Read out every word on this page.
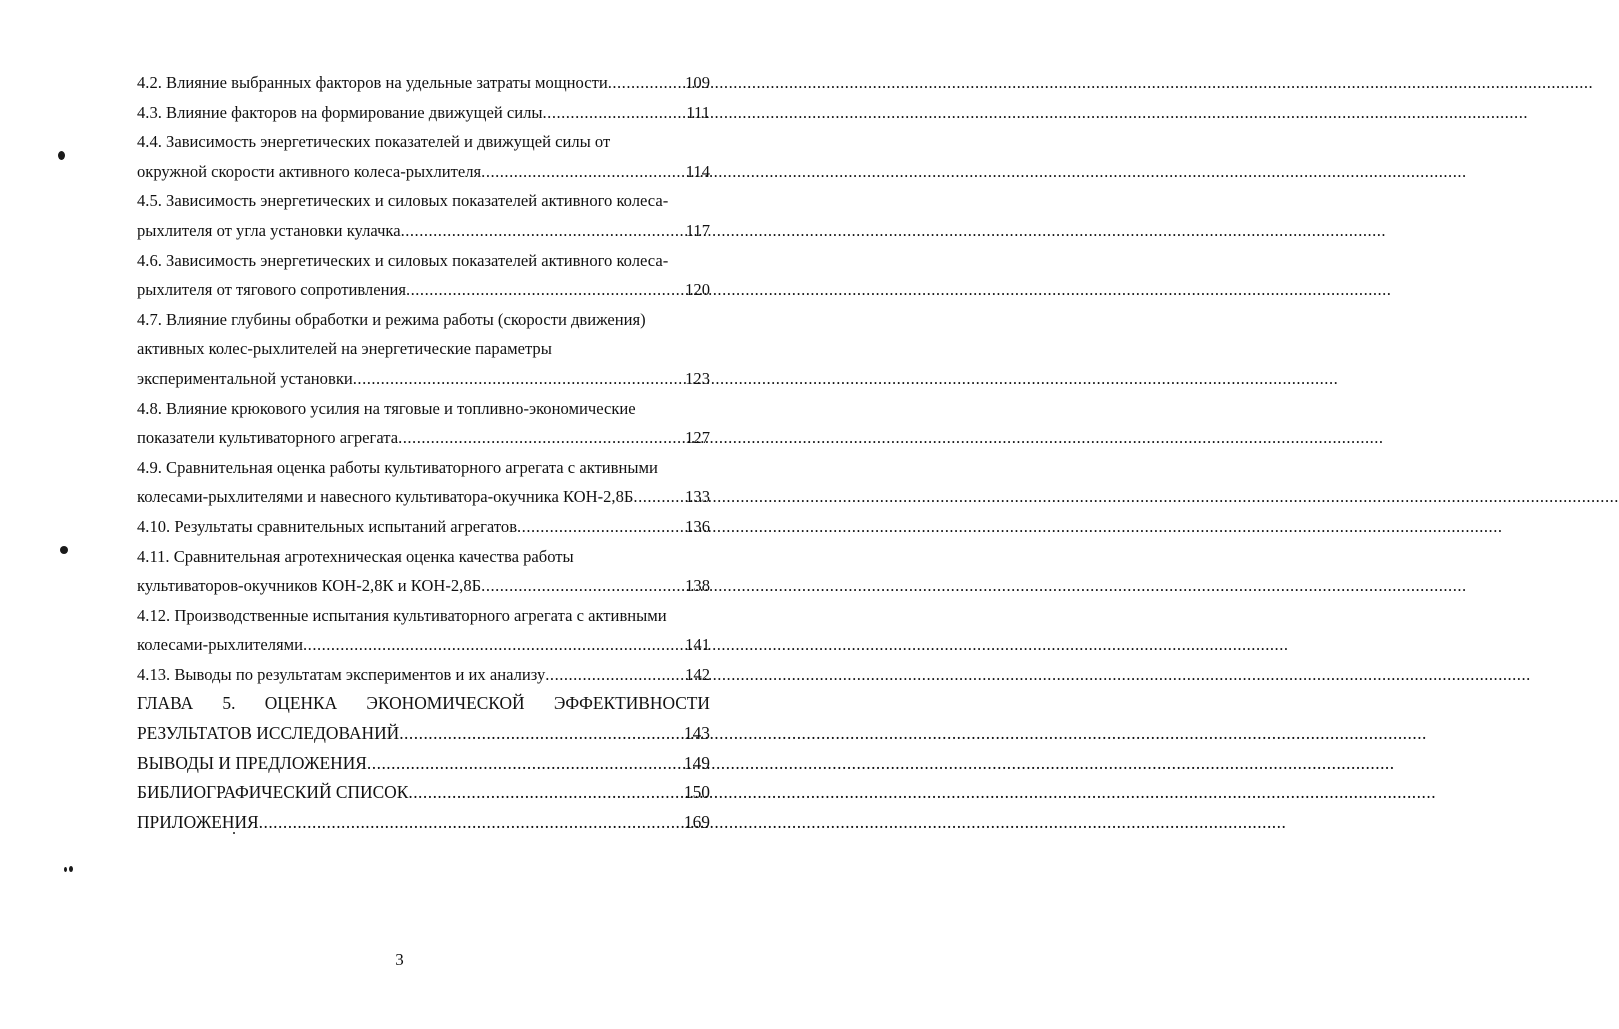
4.2. Влияние выбранных факторов на удельные затраты мощности .....	109
4.3. Влияние факторов на формирование движущей силы .....	111
4.4. Зависимость энергетических показателей и движущей силы от
окружной скорости активного колеса-рыхлителя .....	114
4.5. Зависимость энергетических и силовых показателей активного колеса-
рыхлителя от угла установки кулачка .....	117
4.6. Зависимость энергетических и силовых показателей активного колеса-
рыхлителя от тягового сопротивления .....	120
4.7. Влияние глубины обработки и режима работы (скорости движения)
активных колес-рыхлителей на энергетические параметры
экспериментальной установки .....	123
4.8. Влияние крюкового усилия на тяговые и топливно-экономические
показатели культиваторного агрегата .....	127
4.9. Сравнительная оценка работы культиваторного агрегата с активными
колесами-рыхлителями и навесного культиватора-окучника КОН-2,8Б .....	133
4.10. Результаты сравнительных испытаний агрегатов .....	136
4.11. Сравнительная агротехническая оценка качества работы
культиваторов-окучников КОН-2,8К и КОН-2,8Б .....	138
4.12. Производственные испытания культиваторного агрегата с активными
колесами-рыхлителями .....	141
4.13. Выводы по результатам экспериментов и их анализу .....	142
ГЛАВА 5. ОЦЕНКА ЭКОНОМИЧЕСКОЙ ЭФФЕКТИВНОСТИ
РЕЗУЛЬТАТОВ ИССЛЕДОВАНИЙ .....	143
ВЫВОДЫ И ПРЕДЛОЖЕНИЯ .....	149
БИБЛИОГРАФИЧЕСКИЙ СПИСОК .....	150
ПРИЛОЖЕНИЯ .....	169
3
